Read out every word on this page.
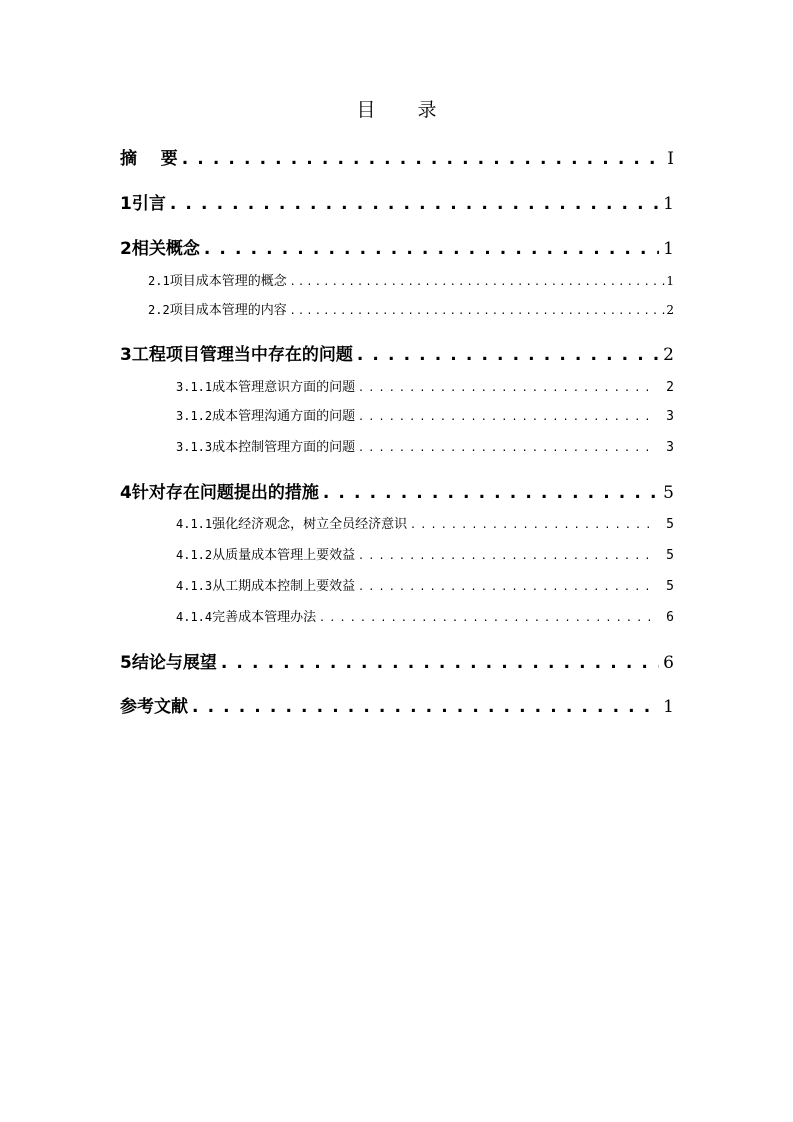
目 录
摘    要 . . .	I
1 引言 . . .	1
2 相关概念 . . .	1
2.1 项目成本管理的概念 . . .	1
2.2 项目成本管理的内容 . . .	2
3 工程项目管理当中存在的问题 . . .	2
3.1.1 成本管理意识方面的问题 . . .	2
3.1.2 成本管理沟通方面的问题 . . .	3
3.1.3 成本控制管理方面的问题 . . .	3
4 针对存在问题提出的措施 . . .	5
4.1.1 强化经济观念，树立全员经济意识 . . .	5
4.1.2 从质量成本管理上要效益 . . .	5
4.1.3 从工期成本控制上要效益 . . .	5
4.1.4 完善成本管理办法 . . .	6
5 结论与展望 . . .	6
参考文献 . . .	1
